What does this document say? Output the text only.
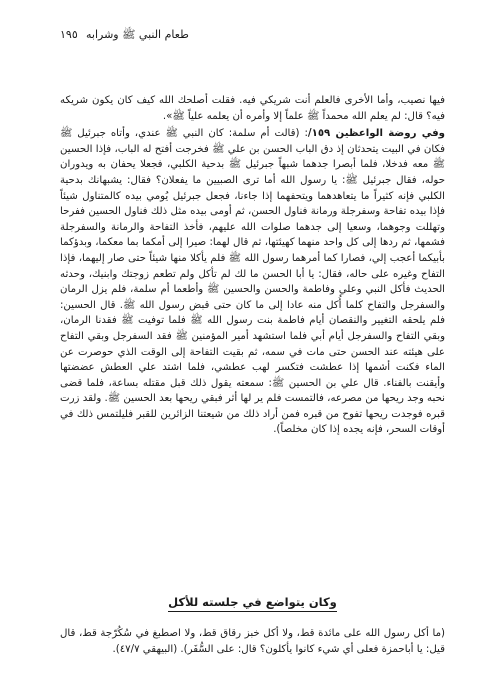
١٩٥ طعام النبي ﷺ وشرابه

فيها نصيب، وأما الأخرى فالعلم أنت شريكي فيه. فقلت أصلحك الله كيف كان يكون شريكه فيه؟ قال: لم يعلم الله محمداً ﷺ علماً إلا وأمره أن يعلمه علياً ﷺ».

وفي روضة الواعظين ١٥٩/: (قالت أم سلمة: كان النبي ﷺ عندي، وأتاه جبرئيل ﷺ فكان في البيت يتحدثان إذ دق الباب الحسن بن علي ﷺ فخرجت أفتح له الباب، فإذا الحسين ﷺ معه فدخلا، فلما أبصرا جدهما شبهاً جبرئيل ﷺ بدحية الكلبي، فجعلا يحفان به ويدوران حوله، فقال جبرئيل ﷺ: يا رسول الله أما ترى الصبيين ما يفعلان؟ فقال: يشبهانك بدحية الكلبي فإنه كثيراً ما يتعاهدهما ويتحفهما إذا جاءنا، فجعل جبرئيل يُومي بيده كالمتناول شيئاً فإذا بيده تفاحة وسفرجلة ورمانة فناول الحسن، ثم أومى بيده مثل ذلك فناول الحسين ففرحا وتهللت وجوهما، وسعيا إلى جدهما صلوات الله عليهم، فأخذ التفاحة والرمانة والسفرجلة فشمها، ثم ردها إلى كل واحد منهما كهيئتها، ثم قال لهما: صيرا إلى أمكما بما معكما، وبدؤكما بأبيكما أعجب إلي، فصارا كما أمرهما رسول الله ﷺ فلم يأكلا منها شيئاً حتى صار إليهما، فإذا التفاح وغيره على حاله، فقال: يا أبا الحسن ما لك لم تأكل ولم تطعم زوجتك وابنيك، وحدثه الحديث فأكل النبي وعلي وفاطمة والحسن والحسين ﷺ وأطعما أم سلمة، فلم يزل الرمان والسفرجل والتفاح كلما أُكل منه عادا إلى ما كان حتى قبض رسول الله ﷺ. قال الحسين: فلم يلحقه التغيير والنقصان أيام فاطمة بنت رسول الله ﷺ فلما توفيت ﷺ فقدنا الرمان، وبقي التفاح والسفرجل أيام أبي فلما استشهد أمير المؤمنين ﷺ فقد السفرجل وبقي التفاح على هيئته عند الحسن حتى مات في سمه، ثم بقيت التفاحة إلى الوقت الذي حوصرت عن الماء فكنت أشمها إذا عطشت فتكسر لهب عطشي، فلما اشتد علي العطش عضضتها وأيقنت بالفناء. قال علي بن الحسين ﷺ: سمعته يقول ذلك قبل مقتله بساعة، فلما قضى نحبه وجد ريحها من مصرعه، فالتمست فلم ير لها أثر فبقي ريحها بعد الحسين ﷺ. ولقد زرت قبره فوجدت ريحها تفوح من قبره فمن أراد ذلك من شيعتنا الزائرين للقبر فليلتمس ذلك في أوقات السحر، فإنه يجده إذا كان مخلصاً).

وكان يتواضع في جلسته للأكل

(ما أكل رسول الله على مائدة قط، ولا أكل خبز رقاق قط، ولا اصطبغ في سُكُرّجة قط، قال قيل: يا أباحمزة فعلى أي شيء كانوا يأكلون؟ قال: على السُّفَر). (البيهقي ٤٧/٧).
